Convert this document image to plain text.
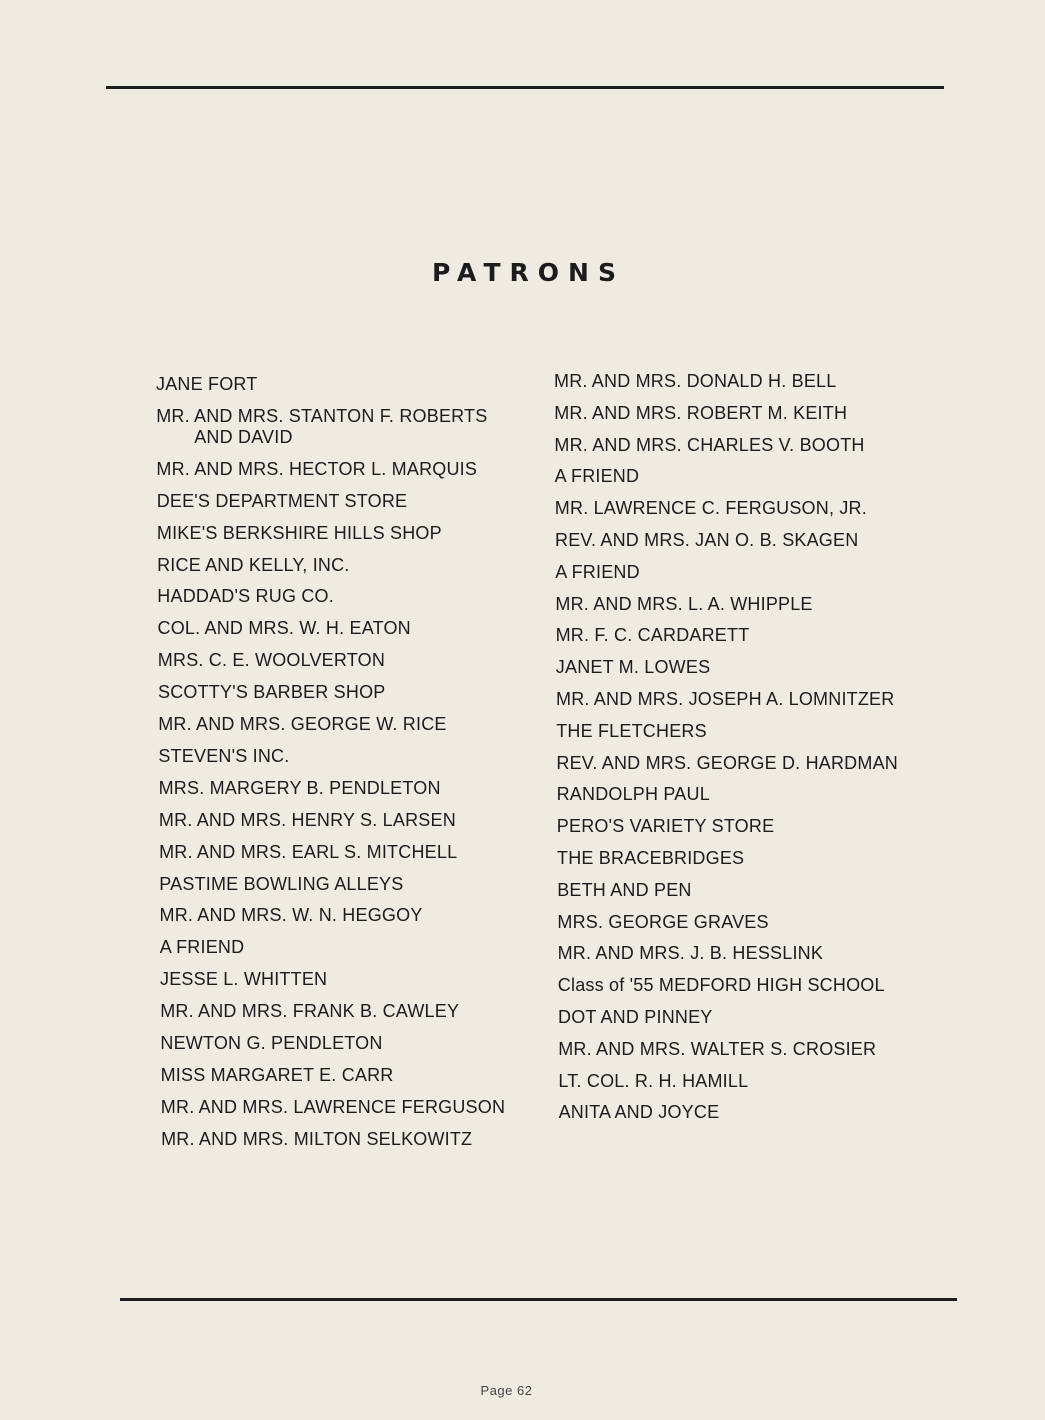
PATRONS
JANE FORT
MR. AND MRS. STANTON F. ROBERTS
AND DAVID
MR. AND MRS. HECTOR L. MARQUIS
DEE'S DEPARTMENT STORE
MIKE'S BERKSHIRE HILLS SHOP
RICE AND KELLY, INC.
HADDAD'S RUG CO.
COL. AND MRS. W. H. EATON
MRS. C. E. WOOLVERTON
SCOTTY'S BARBER SHOP
MR. AND MRS. GEORGE W. RICE
STEVEN'S INC.
MRS. MARGERY B. PENDLETON
MR. AND MRS. HENRY S. LARSEN
MR. AND MRS. EARL S. MITCHELL
PASTIME BOWLING ALLEYS
MR. AND MRS. W. N. HEGGOY
A FRIEND
JESSE L. WHITTEN
MR. AND MRS. FRANK B. CAWLEY
NEWTON G. PENDLETON
MISS MARGARET E. CARR
MR. AND MRS. LAWRENCE FERGUSON
MR. AND MRS. MILTON SELKOWITZ
MR. AND MRS. DONALD H. BELL
MR. AND MRS. ROBERT M. KEITH
MR. AND MRS. CHARLES V. BOOTH
A FRIEND
MR. LAWRENCE C. FERGUSON, JR.
REV. AND MRS. JAN O. B. SKAGEN
A FRIEND
MR. AND MRS. L. A. WHIPPLE
MR. F. C. CARDARETT
JANET M. LOWES
MR. AND MRS. JOSEPH A. LOMNITZER
THE FLETCHERS
REV. AND MRS. GEORGE D. HARDMAN
RANDOLPH PAUL
PERO'S VARIETY STORE
THE BRACEBRIDGES
BETH AND PEN
MRS. GEORGE GRAVES
MR. AND MRS. J. B. HESSLINK
Class of '55 MEDFORD HIGH SCHOOL
DOT AND PINNEY
MR. AND MRS. WALTER S. CROSIER
LT. COL. R. H. HAMILL
ANITA AND JOYCE
Page 62
